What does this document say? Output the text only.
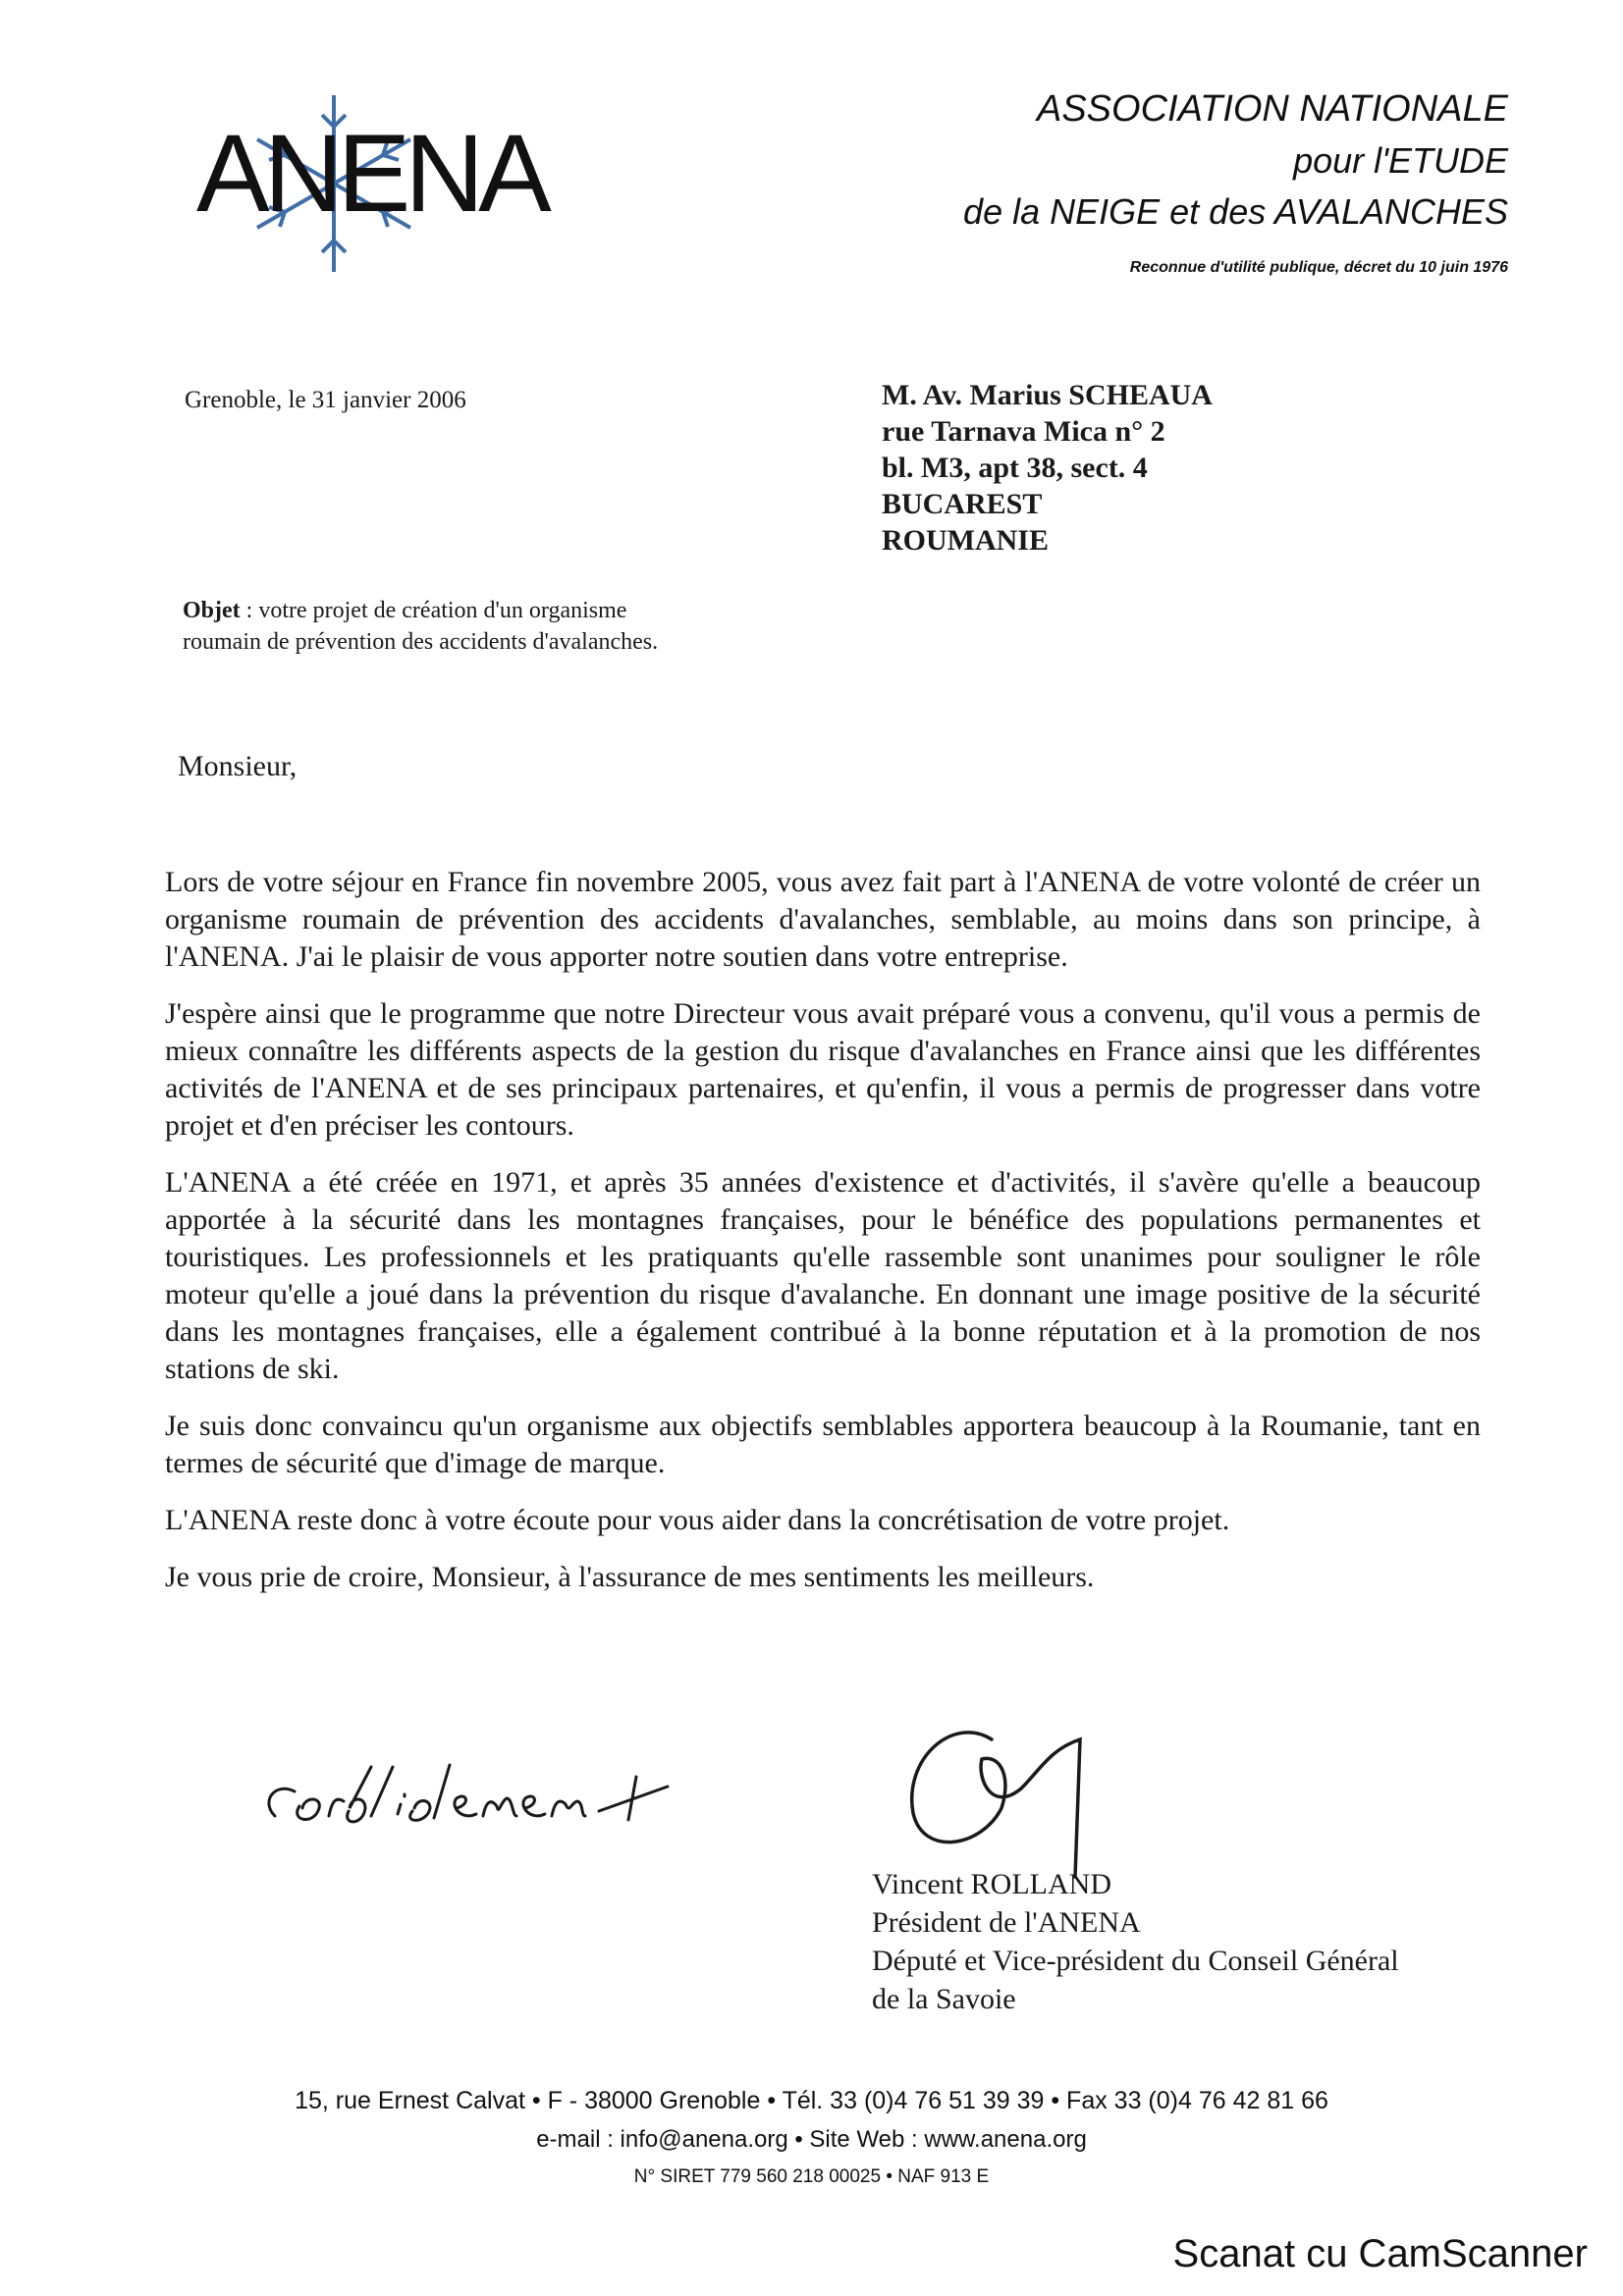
ANENA
ASSOCIATION NATIONALE
pour l'ETUDE
de la NEIGE et des AVALANCHES
Reconnue d'utilité publique, décret du 10 juin 1976
Grenoble, le 31 janvier 2006	M. Av. Marius SCHEAUA
rue Tarnava Mica n° 2
bl. M3, apt 38, sect. 4
BUCAREST
ROUMANIE
Objet : votre projet de création d'un organisme
roumain de prévention des accidents d'avalanches.
Monsieur,

Lors de votre séjour en France fin novembre 2005, vous avez fait part à l'ANENA de votre volonté de créer un organisme roumain de prévention des accidents d'avalanches, semblable, au moins dans son principe, à l'ANENA. J'ai le plaisir de vous apporter notre soutien dans votre entreprise.

J'espère ainsi que le programme que notre Directeur vous avait préparé vous a convenu, qu'il vous a permis de mieux connaître les différents aspects de la gestion du risque d'avalanches en France ainsi que les différentes activités de l'ANENA et de ses principaux partenaires, et qu'enfin, il vous a permis de progresser dans votre projet et d'en préciser les contours.

L'ANENA a été créée en 1971, et après 35 années d'existence et d'activités, il s'avère qu'elle a beaucoup apportée à la sécurité dans les montagnes françaises, pour le bénéfice des populations permanentes et touristiques. Les professionnels et les pratiquants qu'elle rassemble sont unanimes pour souligner le rôle moteur qu'elle a joué dans la prévention du risque d'avalanche. En donnant une image positive de la sécurité dans les montagnes françaises, elle a également contribué à la bonne réputation et à la promotion de nos stations de ski.

Je suis donc convaincu qu'un organisme aux objectifs semblables apportera beaucoup à la Roumanie, tant en termes de sécurité que d'image de marque.

L'ANENA reste donc à votre écoute pour vous aider dans la concrétisation de votre projet.

Je vous prie de croire, Monsieur, à l'assurance de mes sentiments les meilleurs.

Vincent ROLLAND
Président de l'ANENA
Député et Vice-président du Conseil Général
de la Savoie
15, rue Ernest Calvat • F - 38000 Grenoble • Tél. 33 (0)4 76 51 39 39 • Fax 33 (0)4 76 42 81 66
e-mail : info@anena.org • Site Web : www.anena.org
N° SIRET 779 560 218 00025 • NAF 913 E
Scanat cu CamScanner
